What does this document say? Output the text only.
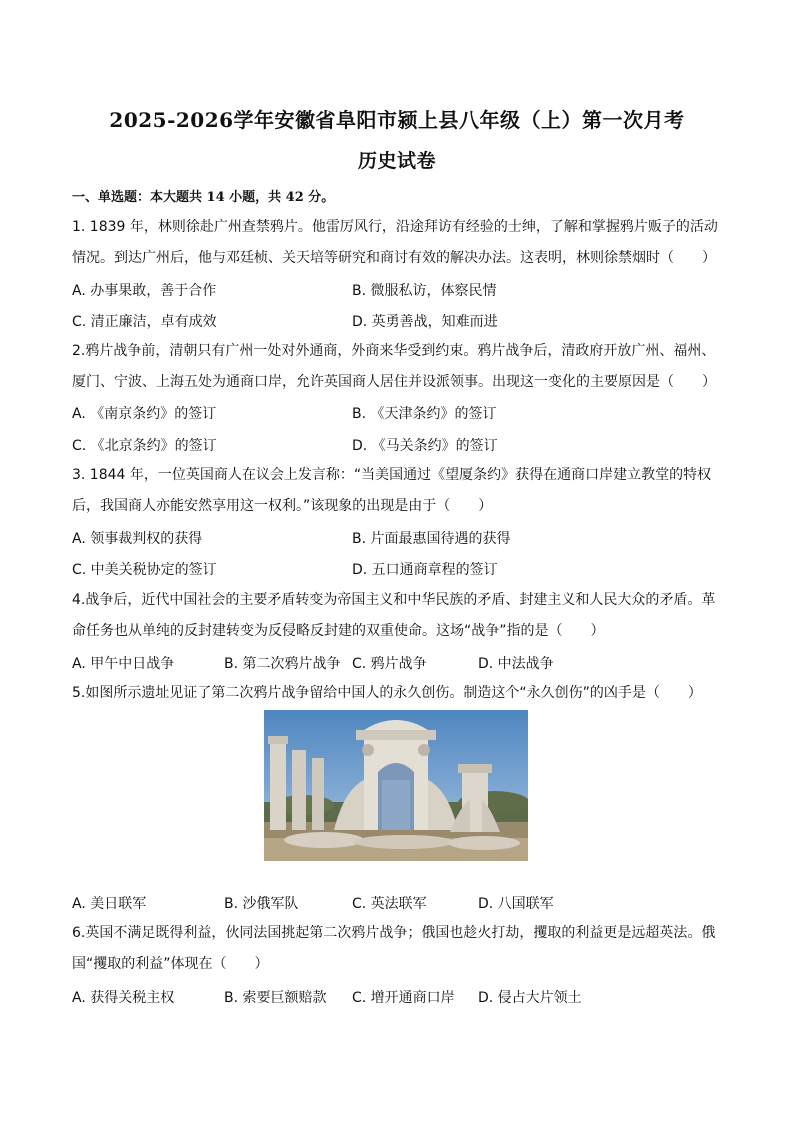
2025-2026学年安徽省阜阳市颍上县八年级（上）第一次月考
历史试卷
一、单选题：本大题共 14 小题，共 42 分。
1. 1839 年，林则徐赴广州查禁鸦片。他雷厉风行，沿途拜访有经验的士绅，了解和掌握鸦片贩子的活动情况。到达广州后，他与邓廷桢、关天培等研究和商讨有效的解决办法。这表明，林则徐禁烟时（　　）
A. 办事果敢，善于合作	B. 微服私访，体察民情
C. 清正廉洁，卓有成效	D. 英勇善战，知难而进
2.鸦片战争前，清朝只有广州一处对外通商，外商来华受到约束。鸦片战争后，清政府开放广州、福州、厦门、宁波、上海五处为通商口岸，允许英国商人居住并设派领事。出现这一变化的主要原因是（　　）
A. 《南京条约》的签订	B. 《天津条约》的签订
C. 《北京条约》的签订	D. 《马关条约》的签订
3. 1844 年，一位英国商人在议会上发言称：“当美国通过《望厦条约》获得在通商口岸建立教堂的特权后，我国商人亦能安然享用这一权利。”该现象的出现是由于（　　）
A. 领事裁判权的获得	B. 片面最惠国待遇的获得
C. 中美关税协定的签订	D. 五口通商章程的签订
4.战争后，近代中国社会的主要矛盾转变为帝国主义和中华民族的矛盾、封建主义和人民大众的矛盾。革命任务也从单纯的反封建转变为反侵略反封建的双重使命。这场“战争”指的是（　　）
A. 甲午中日战争	B. 第二次鸦片战争 C. 鸦片战争	D. 中法战争
5.如图所示遗址见证了第二次鸦片战争留给中国人的永久创伤。制造这个“永久创伤”的凶手是（　　）
A. 美日联军	B. 沙俄军队	C. 英法联军	D. 八国联军
6.英国不满足既得利益，伙同法国挑起第二次鸦片战争；俄国也趁火打劫，攫取的利益更是远超英法。俄国“攫取的利益”体现在（　　）
A. 获得关税主权	B. 索要巨额赔款 C. 增开通商口岸 D. 侵占大片领土
